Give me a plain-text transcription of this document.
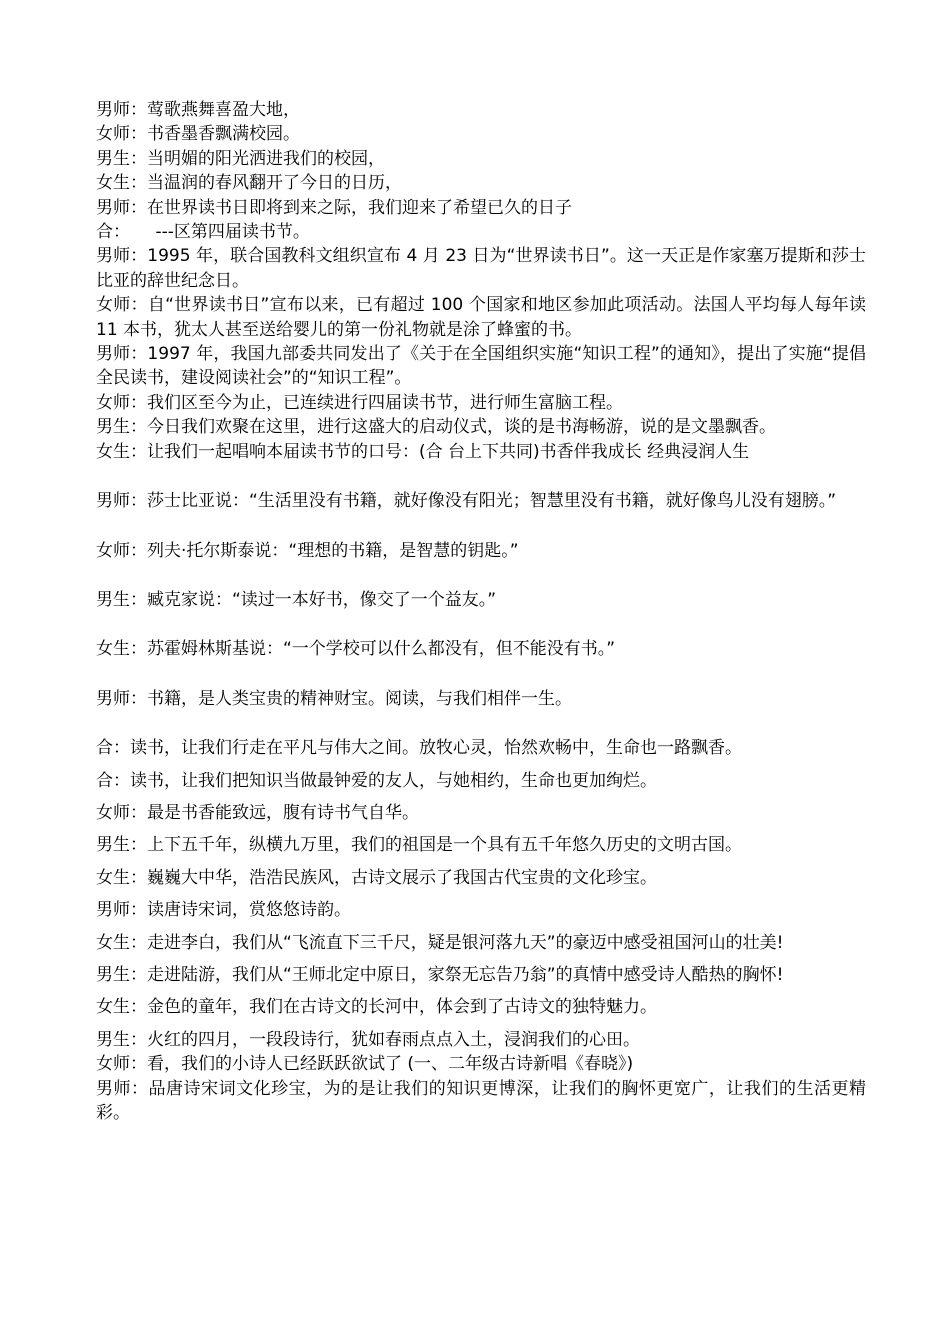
男师：莺歌燕舞喜盈大地，
女师：书香墨香飘满校园。
男生：当明媚的阳光洒进我们的校园，
女生：当温润的春风翻开了今日的日历，
男师：在世界读书日即将到来之际，我们迎来了希望已久的日子
合：　　---区第四届读书节。
男师：1995 年，联合国教科文组织宣布 4 月 23 日为“世界读书日”。这一天正是作家塞万提斯和莎士比亚的辞世纪念日。
女师：自“世界读书日”宣布以来，已有超过 100 个国家和地区参加此项活动。法国人平均每人每年读 11 本书，犹太人甚至送给婴儿的第一份礼物就是涂了蜂蜜的书。
男师：1997 年，我国九部委共同发出了《关于在全国组织实施“知识工程”的通知》，提出了实施“提倡全民读书，建设阅读社会”的“知识工程”。
女师：我们区至今为止，已连续进行四届读书节，进行师生富脑工程。
男生：今日我们欢聚在这里，进行这盛大的启动仪式，谈的是书海畅游，说的是文墨飘香。
女生：让我们一起唱响本届读书节的口号：(合 台上下共同)书香伴我成长 经典浸润人生
男师：莎士比亚说：“生活里没有书籍，就好像没有阳光；智慧里没有书籍，就好像鸟儿没有翅膀。”
女师：列夫·托尔斯泰说：“理想的书籍，是智慧的钥匙。”
男生：臧克家说：“读过一本好书，像交了一个益友。”
女生：苏霍姆林斯基说：“一个学校可以什么都没有，但不能没有书。”
男师：书籍，是人类宝贵的精神财宝。阅读，与我们相伴一生。
合：读书，让我们行走在平凡与伟大之间。放牧心灵，怡然欢畅中，生命也一路飘香。
合：读书，让我们把知识当做最钟爱的友人，与她相约，生命也更加绚烂。
女师：最是书香能致远，腹有诗书气自华。
男生：上下五千年，纵横九万里，我们的祖国是一个具有五千年悠久历史的文明古国。
女生：巍巍大中华，浩浩民族风，古诗文展示了我国古代宝贵的文化珍宝。
男师：读唐诗宋词，赏悠悠诗韵。
女生：走进李白，我们从“飞流直下三千尺，疑是银河落九天”的豪迈中感受祖国河山的壮美!
男生：走进陆游，我们从“王师北定中原日，家祭无忘告乃翁”的真情中感受诗人酷热的胸怀!
女生：金色的童年，我们在古诗文的长河中，体会到了古诗文的独特魅力。
男生：火红的四月，一段段诗行，犹如春雨点点入土，浸润我们的心田。
女师：看，我们的小诗人已经跃跃欲试了 (一、二年级古诗新唱《春晓》)
男师：品唐诗宋词文化珍宝，为的是让我们的知识更博深，让我们的胸怀更宽广，让我们的生活更精彩。
